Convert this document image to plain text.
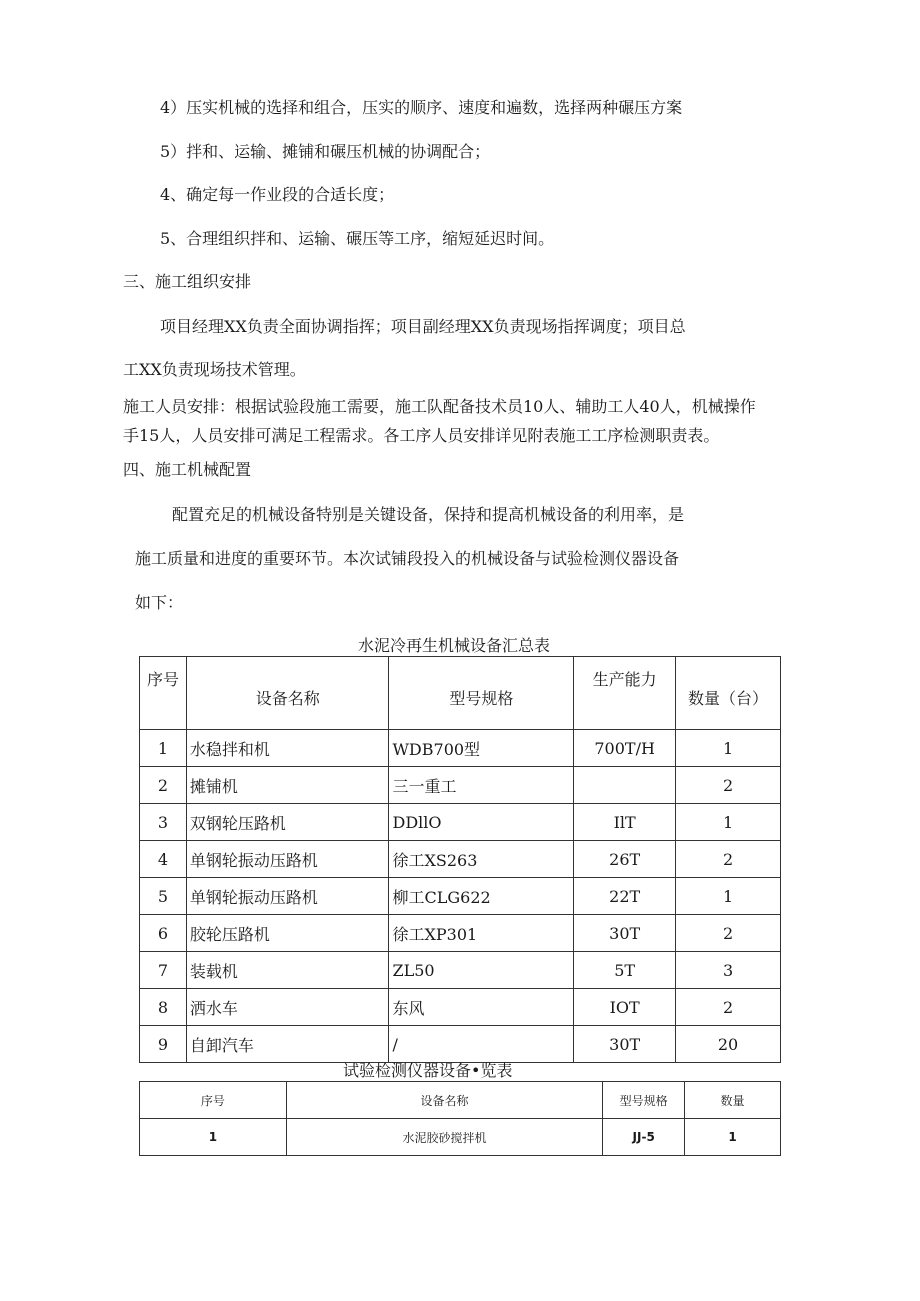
4）压实机械的选择和组合，压实的顺序、速度和遍数，选择两种碾压方案
5）拌和、运输、摊铺和碾压机械的协调配合；
4、确定每一作业段的合适长度；
5、合理组织拌和、运输、碾压等工序，缩短延迟时间。
三、施工组织安排
项目经理XX负责全面协调指挥；项目副经理XX负责现场指挥调度；项目总
工XX负责现场技术管理。
施工人员安排：根据试验段施工需要，施工队配备技术员10人、辅助工人40人，机械操作
手15人，人员安排可满足工程需求。各工序人员安排详见附表施工工序检测职责表。
四、施工机械配置
配置充足的机械设备特别是关键设备，保持和提高机械设备的利用率，是
施工质量和进度的重要环节。本次试铺段投入的机械设备与试验检测仪器设备
如下：
水泥冷再生机械设备汇总表
序号	设备名称	型号规格	生产能力	数量（台）
1	水稳拌和机	WDB700型	700T/H	1
2	摊铺机	三一重工		2
3	双钢轮压路机	DDllO	IlT	1
4	单钢轮振动压路机	徐工XS263	26T	2
5	单钢轮振动压路机	柳工CLG622	22T	1
6	胶轮压路机	徐工XP301	30T	2
7	装载机	ZL50	5T	3
8	洒水车	东风	IOT	2
9	自卸汽车	/	30T	20
试验检测仪器设备•览表
序号	设备名称	型号规格	数量
1	水泥胶砂搅拌机	JJ-5	1
